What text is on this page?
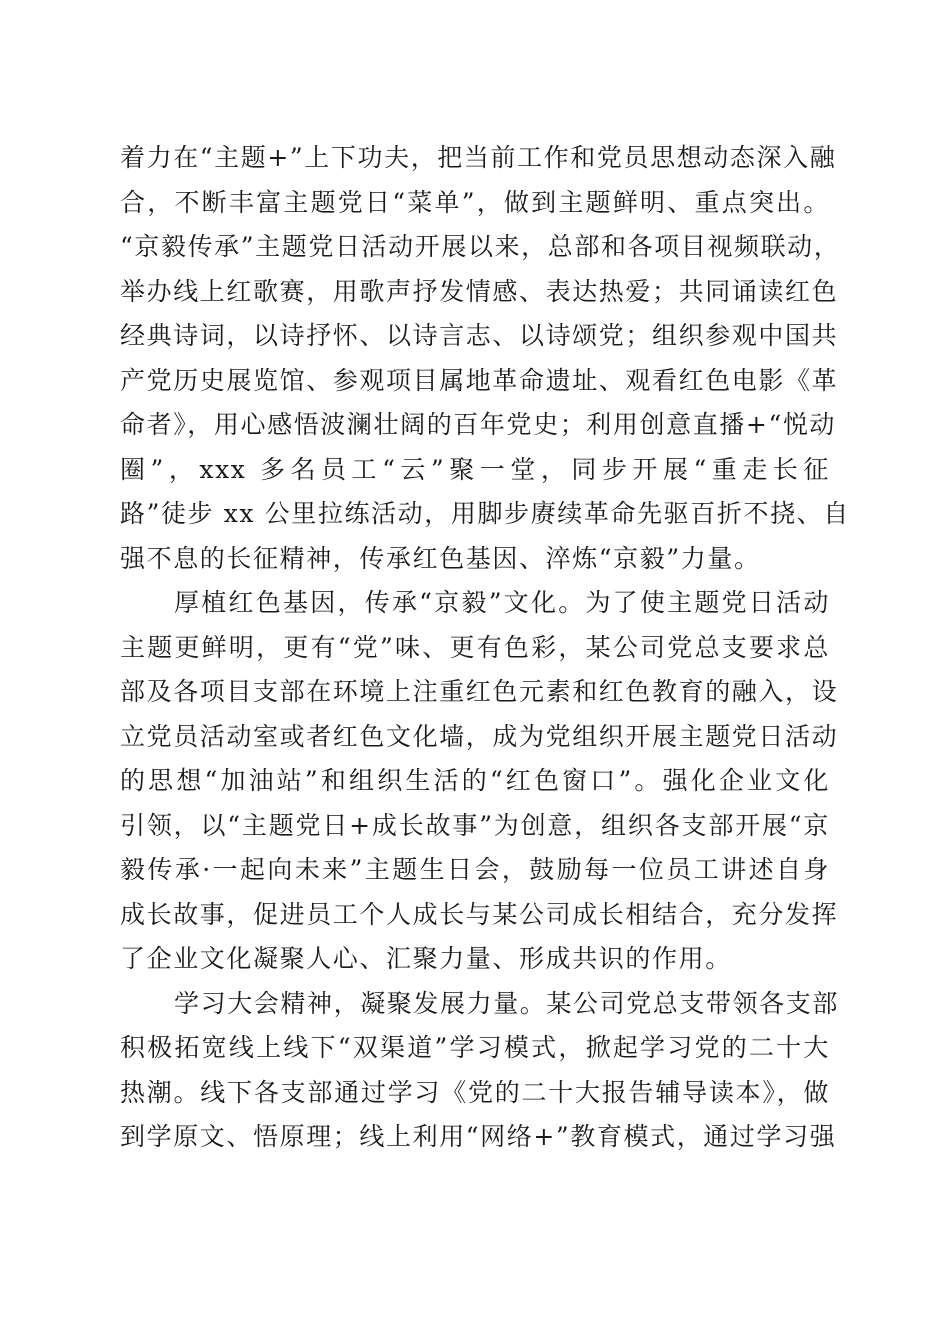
着力在“主题+”上下功夫，把当前工作和党员思想动态深入融
合，不断丰富主题党日“菜单”，做到主题鲜明、重点突出。
“京毅传承”主题党日活动开展以来，总部和各项目视频联动，
举办线上红歌赛，用歌声抒发情感、表达热爱；共同诵读红色
经典诗词，以诗抒怀、以诗言志、以诗颂党；组织参观中国共
产党历史展览馆、参观项目属地革命遗址、观看红色电影《革
命者》，用心感悟波澜壮阔的百年党史；利用创意直播+“悦动
圈”，xxx 多名员工“云”聚一堂，同步开展“重走长征
路”徒步 xx 公里拉练活动，用脚步赓续革命先驱百折不挠、自
强不息的长征精神，传承红色基因、淬炼“京毅”力量。

厚植红色基因，传承“京毅”文化。为了使主题党日活动
主题更鲜明，更有“党”味、更有色彩，某公司党总支要求总
部及各项目支部在环境上注重红色元素和红色教育的融入，设
立党员活动室或者红色文化墙，成为党组织开展主题党日活动
的思想“加油站”和组织生活的“红色窗口”。强化企业文化
引领，以“主题党日+成长故事”为创意，组织各支部开展“京
毅传承·一起向未来”主题生日会，鼓励每一位员工讲述自身
成长故事，促进员工个人成长与某公司成长相结合，充分发挥
了企业文化凝聚人心、汇聚力量、形成共识的作用。

学习大会精神，凝聚发展力量。某公司党总支带领各支部
积极拓宽线上线下“双渠道”学习模式，掀起学习党的二十大
热潮。线下各支部通过学习《党的二十大报告辅导读本》，做
到学原文、悟原理；线上利用“网络+”教育模式，通过学习强
